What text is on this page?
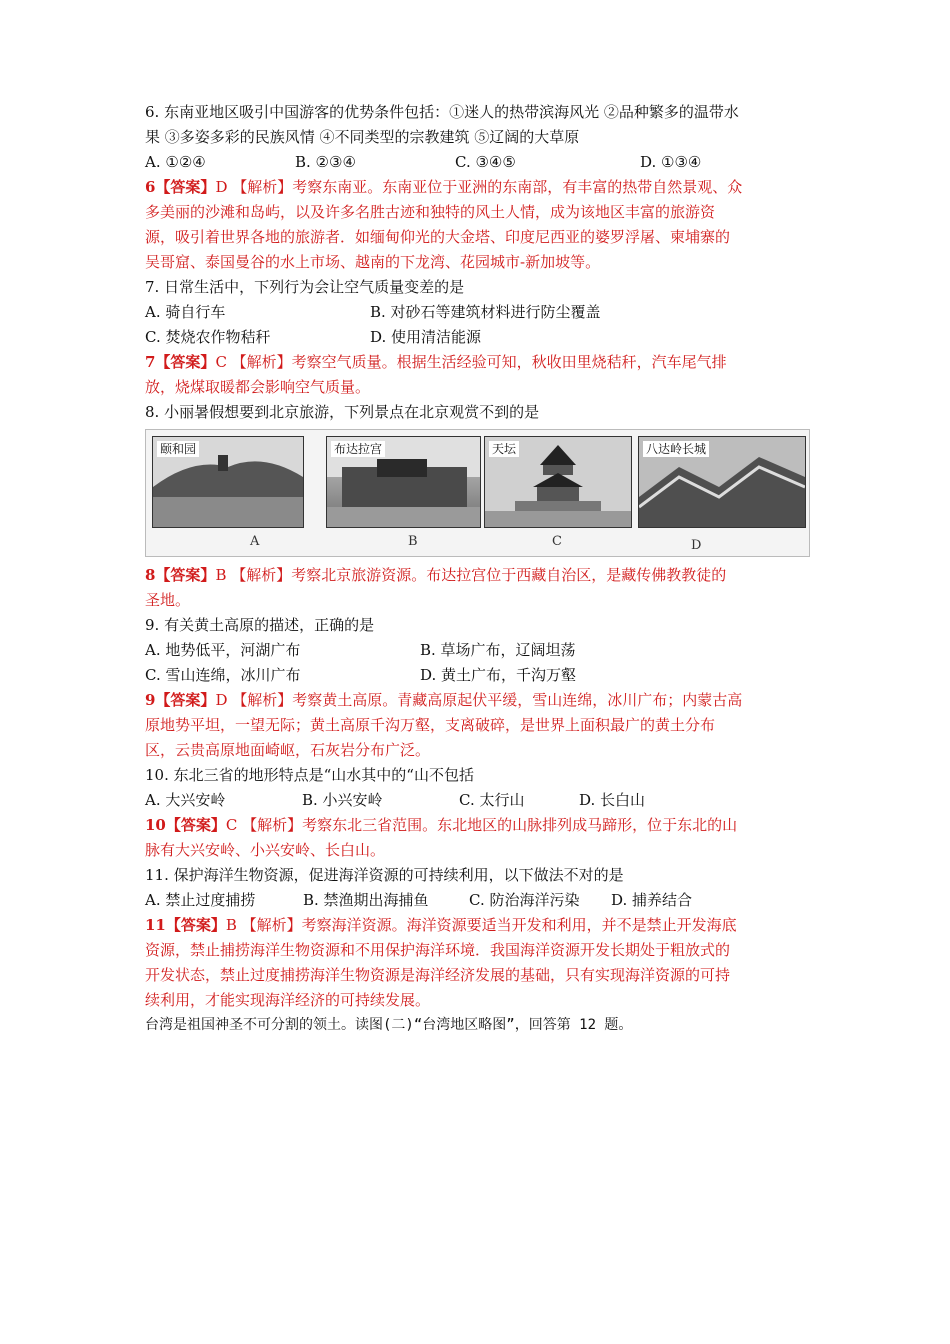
6. 东南亚地区吸引中国游客的优势条件包括：①迷人的热带滨海风光 ②品种繁多的温带水
果 ③多姿多彩的民族风情 ④不同类型的宗教建筑 ⑤辽阔的大草原
A. ①②④	B. ②③④	C. ③④⑤	D. ①③④
6【答案】D 【解析】考察东南亚。东南亚位于亚洲的东南部，有丰富的热带自然景观、众
多美丽的沙滩和岛屿，以及许多名胜古迹和独特的风土人情，成为该地区丰富的旅游资
源，吸引着世界各地的旅游者．如缅甸仰光的大金塔、印度尼西亚的婆罗浮屠、柬埔寨的
吴哥窟、泰国曼谷的水上市场、越南的下龙湾、花园城市-新加坡等。
7. 日常生活中，下列行为会让空气质量变差的是
A. 骑自行车	B. 对砂石等建筑材料进行防尘覆盖
C. 焚烧农作物秸秆	D. 使用清洁能源
7【答案】C 【解析】考察空气质量。根据生活经验可知，秋收田里烧秸秆，汽车尾气排
放，烧煤取暖都会影响空气质量。
8. 小丽暑假想要到北京旅游，下列景点在北京观赏不到的是
颐和园	布达拉宫	天坛	八达岭长城
A	B	C	D
8【答案】B 【解析】考察北京旅游资源。布达拉宫位于西藏自治区，是藏传佛教教徒的
圣地。
9. 有关黄土高原的描述，正确的是
A. 地势低平，河湖广布	B. 草场广布，辽阔坦荡
C. 雪山连绵，冰川广布	D. 黄土广布，千沟万壑
9【答案】D 【解析】考察黄土高原。青藏高原起伏平缓，雪山连绵，冰川广布；内蒙古高
原地势平坦，一望无际；黄土高原千沟万壑，支离破碎，是世界上面积最广的黄土分布
区，云贵高原地面崎岖，石灰岩分布广泛。
10. 东北三省的地形特点是“山水其中的“山不包括
A. 大兴安岭	B. 小兴安岭	C. 太行山	D. 长白山
10【答案】C 【解析】考察东北三省范围。东北地区的山脉排列成马蹄形，位于东北的山
脉有大兴安岭、小兴安岭、长白山。
11. 保护海洋生物资源，促进海洋资源的可持续利用，以下做法不对的是
A. 禁止过度捕捞	B. 禁渔期出海捕鱼	C. 防治海洋污染	D. 捕养结合
11【答案】B 【解析】考察海洋资源。海洋资源要适当开发和利用，并不是禁止开发海底
资源，禁止捕捞海洋生物资源和不用保护海洋环境．我国海洋资源开发长期处于粗放式的
开发状态，禁止过度捕捞海洋生物资源是海洋经济发展的基础，只有实现海洋资源的可持
续利用，才能实现海洋经济的可持续发展。
台湾是祖国神圣不可分割的领土。读图(二)“台湾地区略图”，回答第 12 题。
